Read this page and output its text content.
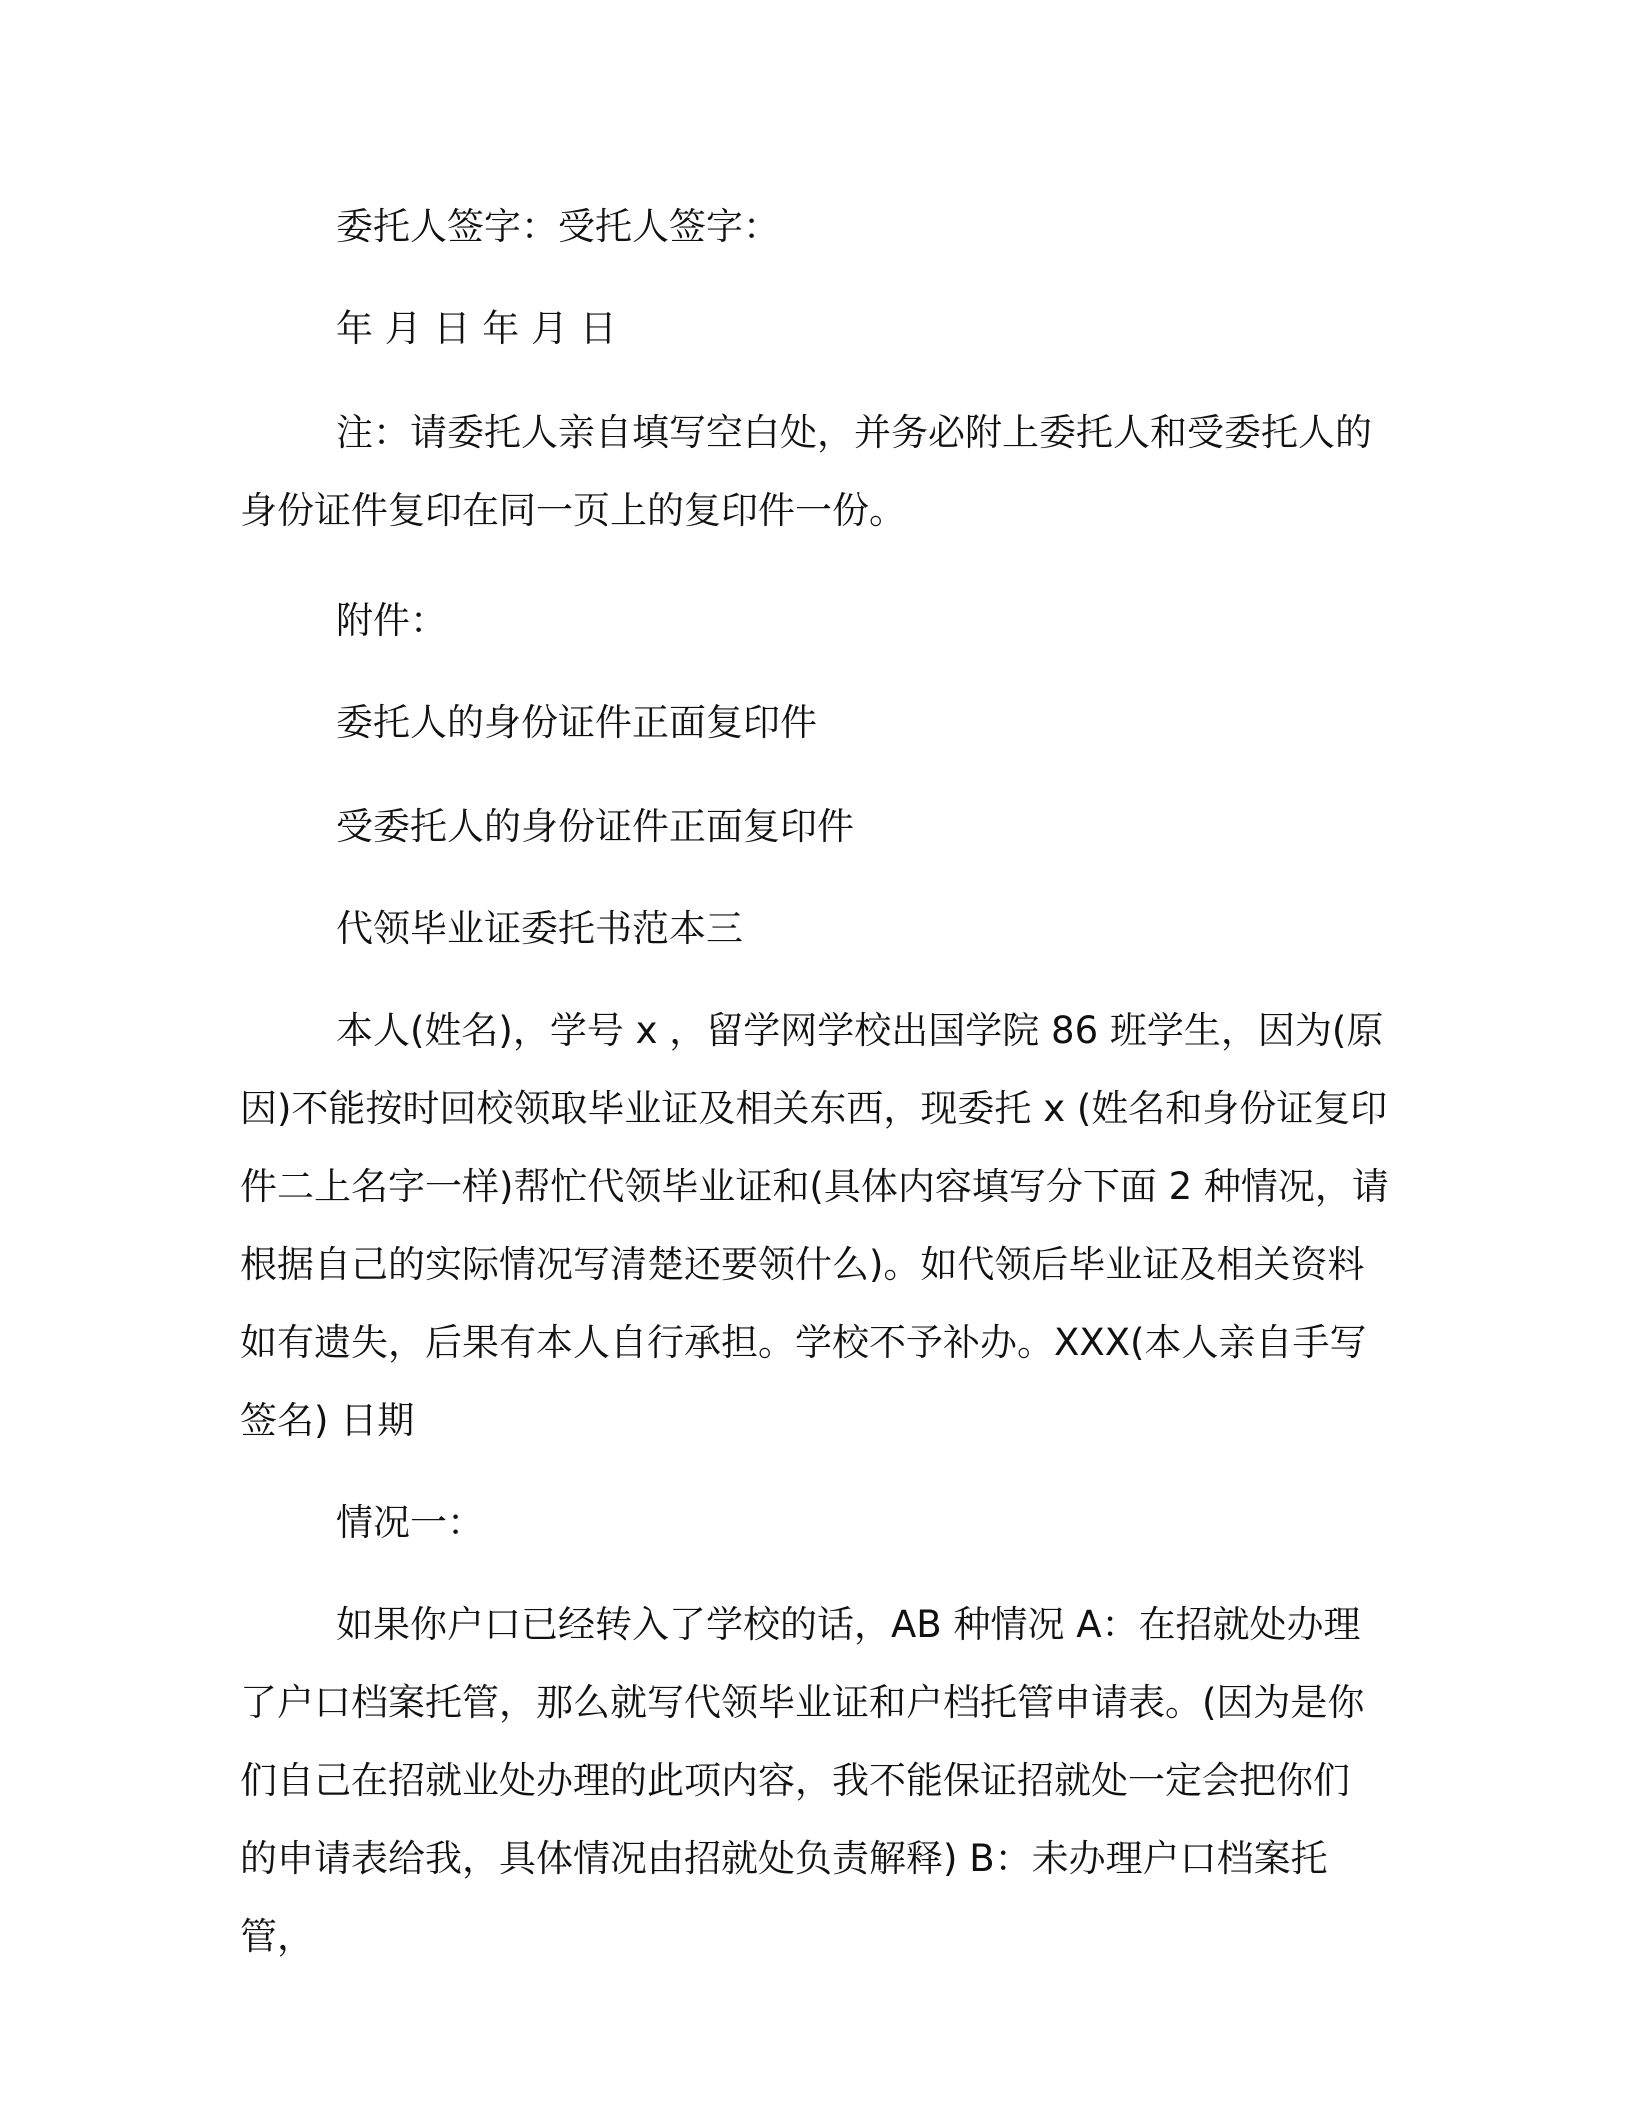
委托人签字：受托人签字：
年 月 日 年 月 日
注：请委托人亲自填写空白处，并务必附上委托人和受委托人的
身份证件复印在同一页上的复印件一份。
附件：
委托人的身份证件正面复印件
受委托人的身份证件正面复印件
代领毕业证委托书范本三
本人(姓名)，学号 x ，留学网学校出国学院 86 班学生，因为(原
因)不能按时回校领取毕业证及相关东西，现委托 x (姓名和身份证复印
件二上名字一样)帮忙代领毕业证和(具体内容填写分下面 2 种情况，请
根据自己的实际情况写清楚还要领什么)。如代领后毕业证及相关资料
如有遗失，后果有本人自行承担。学校不予补办。XXX(本人亲自手写
签名) 日期
情况一：
如果你户口已经转入了学校的话，AB 种情况 A：在招就处办理
了户口档案托管，那么就写代领毕业证和户档托管申请表。(因为是你
们自己在招就业处办理的此项内容，我不能保证招就处一定会把你们
的申请表给我，具体情况由招就处负责解释) B：未办理户口档案托管，
